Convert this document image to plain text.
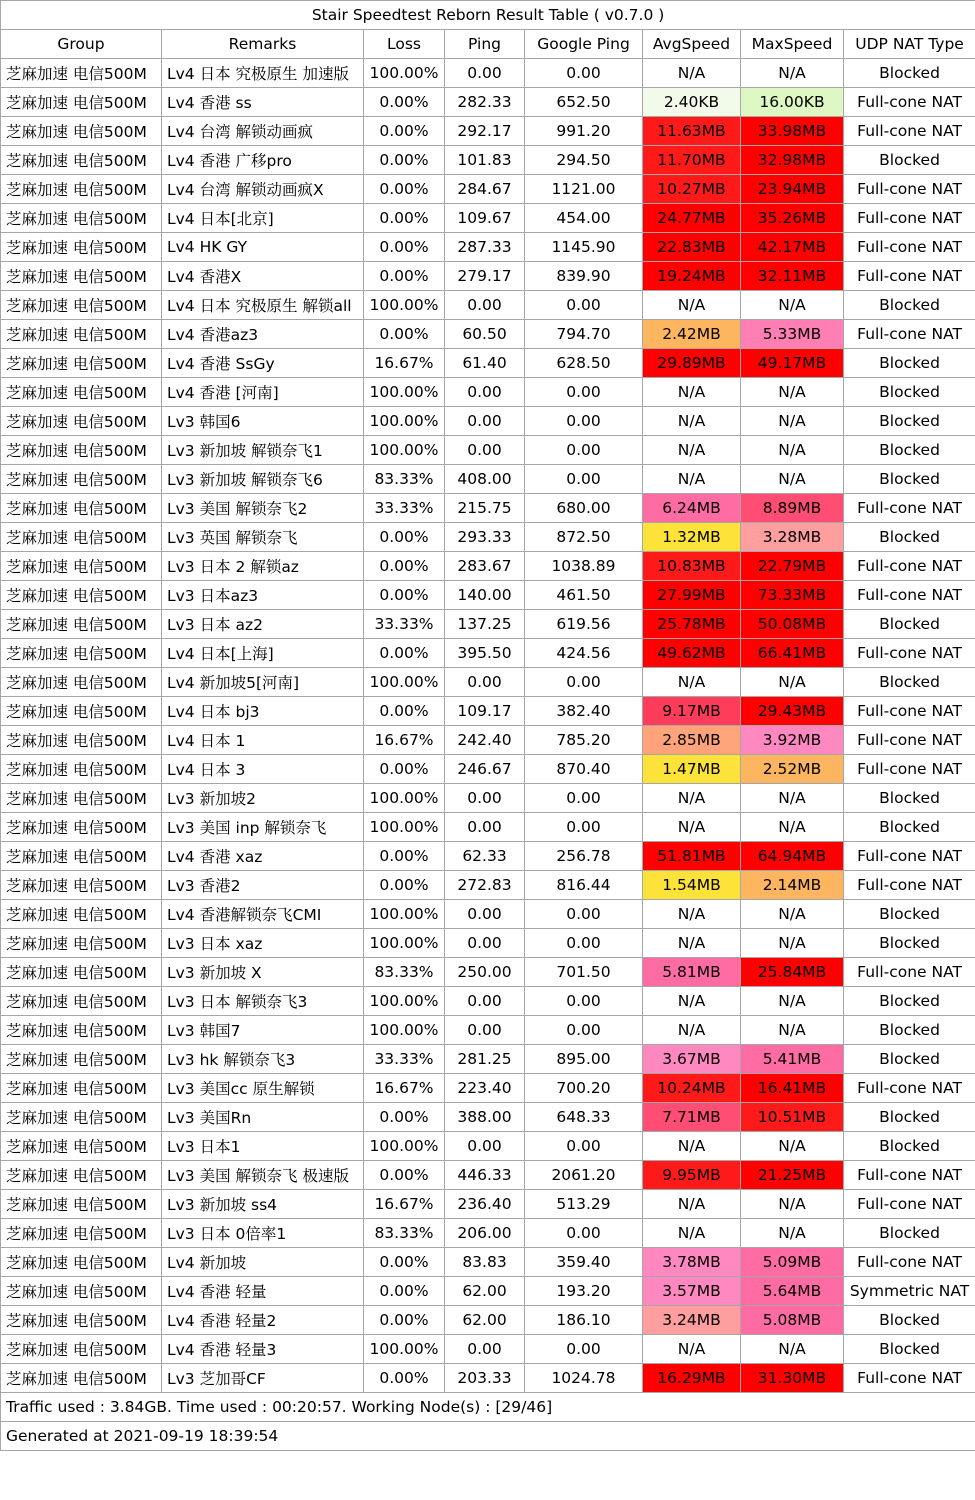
Stair Speedtest Reborn Result Table ( v0.7.0 )							
Group	Remarks	Loss	Ping	Google Ping	AvgSpeed	MaxSpeed	UDP NAT Type
芝麻加速 电信500M	Lv4 日本 究极原生 加速版	100.00%	0.00	0.00	N/A	N/A	Blocked
芝麻加速 电信500M	Lv4 香港 ss	0.00%	282.33	652.50	2.40KB	16.00KB	Full-cone NAT
芝麻加速 电信500M	Lv4 台湾 解锁动画疯	0.00%	292.17	991.20	11.63MB	33.98MB	Full-cone NAT
芝麻加速 电信500M	Lv4 香港 广移pro	0.00%	101.83	294.50	11.70MB	32.98MB	Blocked
芝麻加速 电信500M	Lv4 台湾 解锁动画疯X	0.00%	284.67	1121.00	10.27MB	23.94MB	Full-cone NAT
芝麻加速 电信500M	Lv4 日本[北京]	0.00%	109.67	454.00	24.77MB	35.26MB	Full-cone NAT
芝麻加速 电信500M	Lv4 HK GY	0.00%	287.33	1145.90	22.83MB	42.17MB	Full-cone NAT
芝麻加速 电信500M	Lv4 香港X	0.00%	279.17	839.90	19.24MB	32.11MB	Full-cone NAT
芝麻加速 电信500M	Lv4 日本 究极原生 解锁all	100.00%	0.00	0.00	N/A	N/A	Blocked
芝麻加速 电信500M	Lv4 香港az3	0.00%	60.50	794.70	2.42MB	5.33MB	Full-cone NAT
芝麻加速 电信500M	Lv4 香港 SsGy	16.67%	61.40	628.50	29.89MB	49.17MB	Blocked
芝麻加速 电信500M	Lv4 香港 [河南]	100.00%	0.00	0.00	N/A	N/A	Blocked
芝麻加速 电信500M	Lv3 韩国6	100.00%	0.00	0.00	N/A	N/A	Blocked
芝麻加速 电信500M	Lv3 新加坡 解锁奈飞1	100.00%	0.00	0.00	N/A	N/A	Blocked
芝麻加速 电信500M	Lv3 新加坡 解锁奈飞6	83.33%	408.00	0.00	N/A	N/A	Blocked
芝麻加速 电信500M	Lv3 美国 解锁奈飞2	33.33%	215.75	680.00	6.24MB	8.89MB	Full-cone NAT
芝麻加速 电信500M	Lv3 英国 解锁奈飞	0.00%	293.33	872.50	1.32MB	3.28MB	Blocked
芝麻加速 电信500M	Lv3 日本 2 解锁az	0.00%	283.67	1038.89	10.83MB	22.79MB	Full-cone NAT
芝麻加速 电信500M	Lv3 日本az3	0.00%	140.00	461.50	27.99MB	73.33MB	Full-cone NAT
芝麻加速 电信500M	Lv3 日本 az2	33.33%	137.25	619.56	25.78MB	50.08MB	Blocked
芝麻加速 电信500M	Lv4 日本[上海]	0.00%	395.50	424.56	49.62MB	66.41MB	Full-cone NAT
芝麻加速 电信500M	Lv4 新加坡5[河南]	100.00%	0.00	0.00	N/A	N/A	Blocked
芝麻加速 电信500M	Lv4 日本 bj3	0.00%	109.17	382.40	9.17MB	29.43MB	Full-cone NAT
芝麻加速 电信500M	Lv4 日本 1	16.67%	242.40	785.20	2.85MB	3.92MB	Full-cone NAT
芝麻加速 电信500M	Lv4 日本 3	0.00%	246.67	870.40	1.47MB	2.52MB	Full-cone NAT
芝麻加速 电信500M	Lv3 新加坡2	100.00%	0.00	0.00	N/A	N/A	Blocked
芝麻加速 电信500M	Lv3 美国 inp 解锁奈飞	100.00%	0.00	0.00	N/A	N/A	Blocked
芝麻加速 电信500M	Lv4 香港 xaz	0.00%	62.33	256.78	51.81MB	64.94MB	Full-cone NAT
芝麻加速 电信500M	Lv3 香港2	0.00%	272.83	816.44	1.54MB	2.14MB	Full-cone NAT
芝麻加速 电信500M	Lv4 香港解锁奈飞CMI	100.00%	0.00	0.00	N/A	N/A	Blocked
芝麻加速 电信500M	Lv3 日本 xaz	100.00%	0.00	0.00	N/A	N/A	Blocked
芝麻加速 电信500M	Lv3 新加坡 X	83.33%	250.00	701.50	5.81MB	25.84MB	Full-cone NAT
芝麻加速 电信500M	Lv3 日本 解锁奈飞3	100.00%	0.00	0.00	N/A	N/A	Blocked
芝麻加速 电信500M	Lv3 韩国7	100.00%	0.00	0.00	N/A	N/A	Blocked
芝麻加速 电信500M	Lv3 hk 解锁奈飞3	33.33%	281.25	895.00	3.67MB	5.41MB	Blocked
芝麻加速 电信500M	Lv3 美国cc 原生解锁	16.67%	223.40	700.20	10.24MB	16.41MB	Full-cone NAT
芝麻加速 电信500M	Lv3 美国Rn	0.00%	388.00	648.33	7.71MB	10.51MB	Blocked
芝麻加速 电信500M	Lv3 日本1	100.00%	0.00	0.00	N/A	N/A	Blocked
芝麻加速 电信500M	Lv3 美国 解锁奈飞 极速版	0.00%	446.33	2061.20	9.95MB	21.25MB	Full-cone NAT
芝麻加速 电信500M	Lv3 新加坡 ss4	16.67%	236.40	513.29	N/A	N/A	Full-cone NAT
芝麻加速 电信500M	Lv3 日本 0倍率1	83.33%	206.00	0.00	N/A	N/A	Blocked
芝麻加速 电信500M	Lv4 新加坡	0.00%	83.83	359.40	3.78MB	5.09MB	Full-cone NAT
芝麻加速 电信500M	Lv4 香港 轻量	0.00%	62.00	193.20	3.57MB	5.64MB	Symmetric NAT
芝麻加速 电信500M	Lv4 香港 轻量2	0.00%	62.00	186.10	3.24MB	5.08MB	Blocked
芝麻加速 电信500M	Lv4 香港 轻量3	100.00%	0.00	0.00	N/A	N/A	Blocked
芝麻加速 电信500M	Lv3 芝加哥CF	0.00%	203.33	1024.78	16.29MB	31.30MB	Full-cone NAT
Traffic used : 3.84GB. Time used : 00:20:57. Working Node(s) : [29/46]							
Generated at 2021-09-19 18:39:54							
